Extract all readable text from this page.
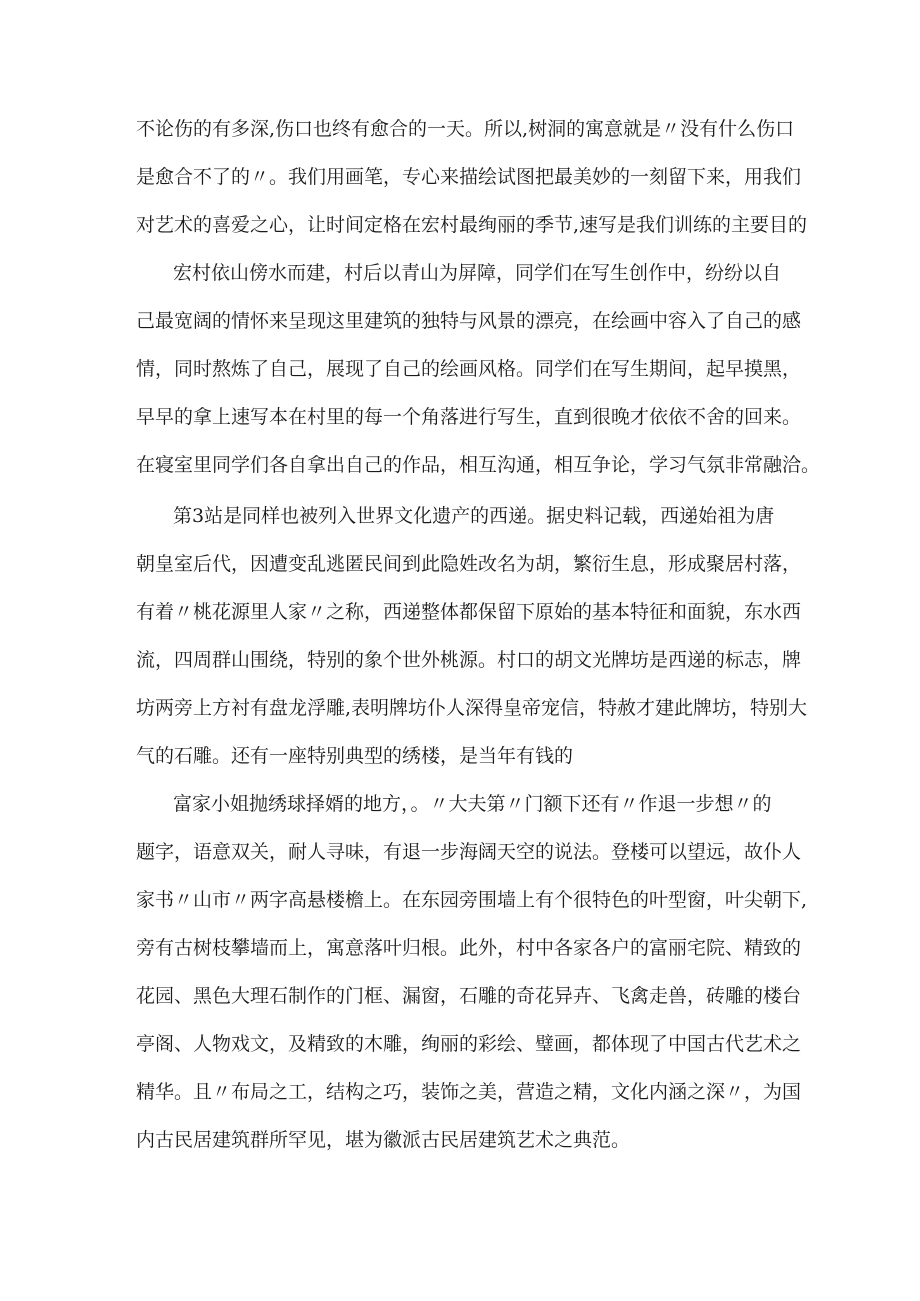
不论伤的有多深,伤口也终有愈合的一天。所以,树洞的寓意就是〃没有什么伤口
是愈合不了的〃。我们用画笔，专心来描绘试图把最美妙的一刻留下来，用我们
对艺术的喜爱之心，让时间定格在宏村最绚丽的季节,速写是我们训练的主要目的
宏村依山傍水而建，村后以青山为屏障，同学们在写生创作中，纷纷以自
己最宽阔的情怀来呈现这里建筑的独特与风景的漂亮，在绘画中容入了自己的感
情，同时熬炼了自己，展现了自己的绘画风格。同学们在写生期间，起早摸黑，
早早的拿上速写本在村里的每一个角落进行写生，直到很晚才依依不舍的回来。
在寝室里同学们各自拿出自己的作品，相互沟通，相互争论，学习气氛非常融洽。
第3站是同样也被列入世界文化遗产的西递。据史料记载，西递始祖为唐
朝皇室后代，因遭变乱逃匿民间到此隐姓改名为胡，繁衍生息，形成聚居村落，
有着〃桃花源里人家〃之称，西递整体都保留下原始的基本特征和面貌，东水西
流，四周群山围绕，特别的象个世外桃源。村口的胡文光牌坊是西递的标志，牌
坊两旁上方衬有盘龙浮雕,表明牌坊仆人深得皇帝宠信，特赦才建此牌坊，特别大
气的石雕。还有一座特别典型的绣楼，是当年有钱的
富家小姐抛绣球择婿的地方，。〃大夫第〃门额下还有〃作退一步想〃的
题字，语意双关，耐人寻味，有退一步海阔天空的说法。登楼可以望远，故仆人
家书〃山市〃两字高悬楼檐上。在东园旁围墙上有个很特色的叶型窗，叶尖朝下,
旁有古树枝攀墙而上，寓意落叶归根。此外，村中各家各户的富丽宅院、精致的
花园、黑色大理石制作的门框、漏窗，石雕的奇花异卉、飞禽走兽，砖雕的楼台
亭阁、人物戏文，及精致的木雕，绚丽的彩绘、璧画，都体现了中国古代艺术之
精华。且〃布局之工，结构之巧，装饰之美，营造之精，文化内涵之深〃，为国
内古民居建筑群所罕见，堪为徽派古民居建筑艺术之典范。
